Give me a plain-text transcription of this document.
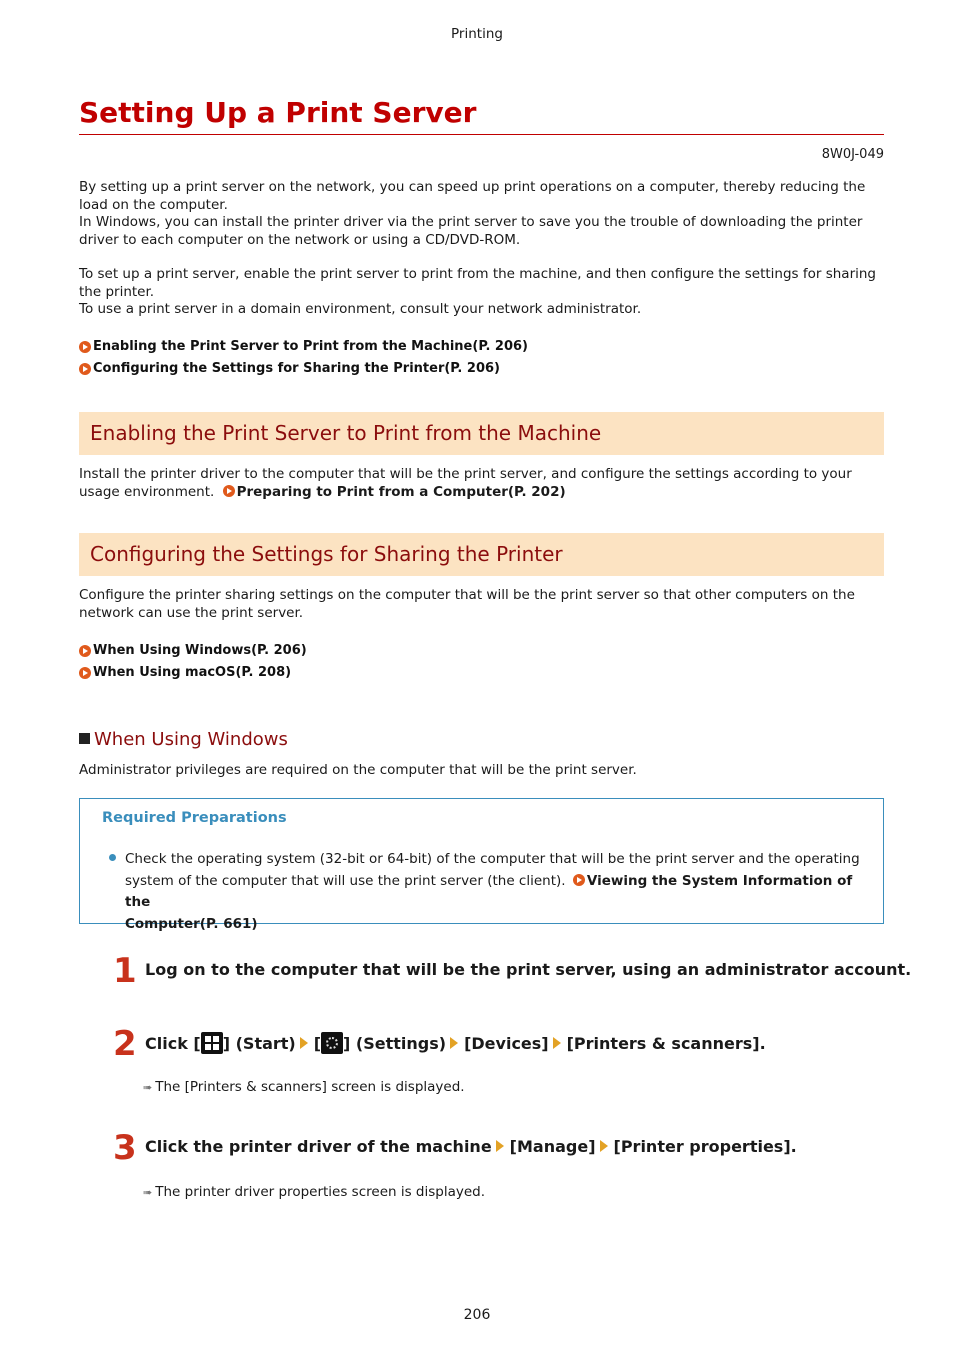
Printing
Setting Up a Print Server
8W0J-049
By setting up a print server on the network, you can speed up print operations on a computer, thereby reducing the
load on the computer.
In Windows, you can install the printer driver via the print server to save you the trouble of downloading the printer
driver to each computer on the network or using a CD/DVD-ROM.
To set up a print server, enable the print server to print from the machine, and then configure the settings for sharing
the printer.
To use a print server in a domain environment, consult your network administrator.
Enabling the Print Server to Print from the Machine(P. 206)
Configuring the Settings for Sharing the Printer(P. 206)
Enabling the Print Server to Print from the Machine
Install the printer driver to the computer that will be the print server, and configure the settings according to your
usage environment. Preparing to Print from a Computer(P. 202)
Configuring the Settings for Sharing the Printer
Configure the printer sharing settings on the computer that will be the print server so that other computers on the
network can use the print server.
When Using Windows(P. 206)
When Using macOS(P. 208)
When Using Windows
Administrator privileges are required on the computer that will be the print server.
Required Preparations
Check the operating system (32-bit or 64-bit) of the computer that will be the print server and the operating
system of the computer that will use the print server (the client). Viewing the System Information of the
Computer(P. 661)
1 Log on to the computer that will be the print server, using an administrator account.
2 Click [ ] (Start) [ ] (Settings) [Devices] [Printers & scanners].
➠ The [Printers & scanners] screen is displayed.
3 Click the printer driver of the machine [Manage] [Printer properties].
➠ The printer driver properties screen is displayed.
206
